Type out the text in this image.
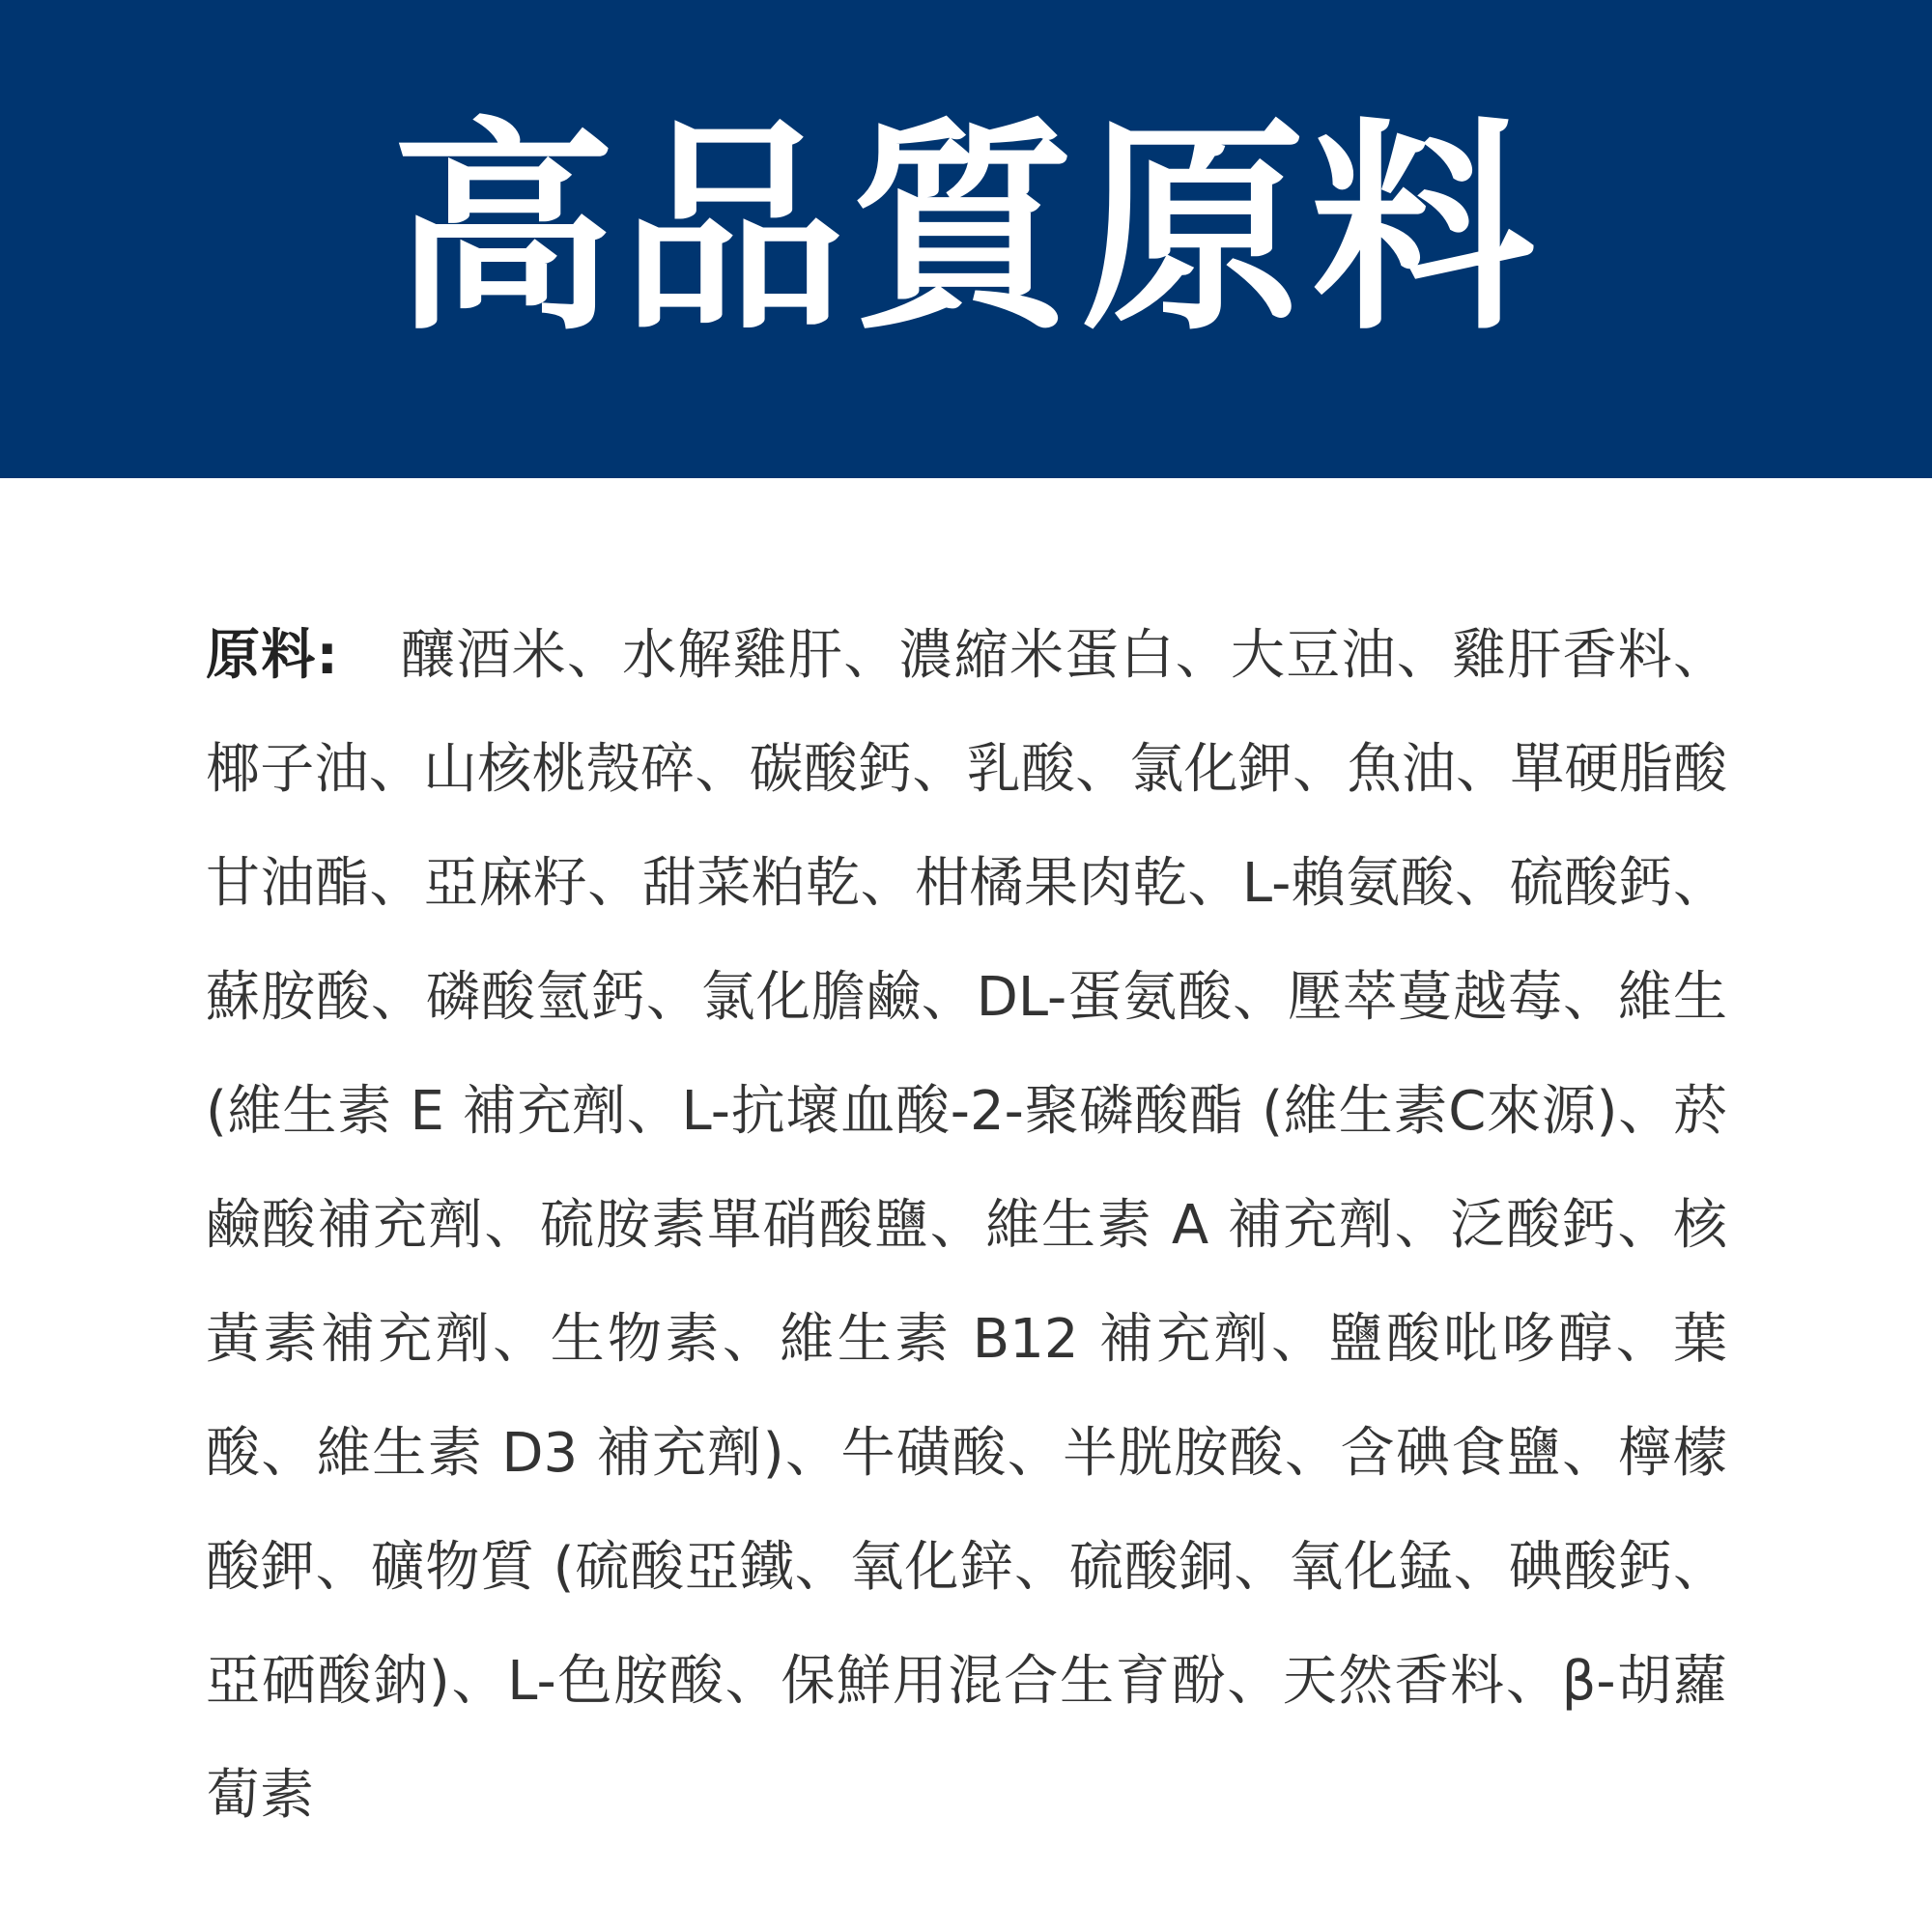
高品質原料

原料: 釀酒米、水解雞肝、濃縮米蛋白、大豆油、雞肝香料、椰子油、山核桃殼碎、碳酸鈣、乳酸、氯化鉀、魚油、單硬脂酸甘油酯、亞麻籽、甜菜粕乾、柑橘果肉乾、L-賴氨酸、硫酸鈣、蘇胺酸、磷酸氫鈣、氯化膽鹼、DL-蛋氨酸、壓萃蔓越莓、維生 (維生素 E 補充劑、L-抗壞血酸-2-聚磷酸酯 (維生素C來源)、菸鹼酸補充劑、硫胺素單硝酸鹽、維生素 A 補充劑、泛酸鈣、核黃素補充劑、生物素、維生素 B12 補充劑、鹽酸吡哆醇、葉酸、維生素 D3 補充劑)、牛磺酸、半胱胺酸、含碘食鹽、檸檬酸鉀、礦物質 (硫酸亞鐵、氧化鋅、硫酸銅、氧化錳、碘酸鈣、亞硒酸鈉)、L-色胺酸、保鮮用混合生育酚、天然香料、β-胡蘿蔔素
